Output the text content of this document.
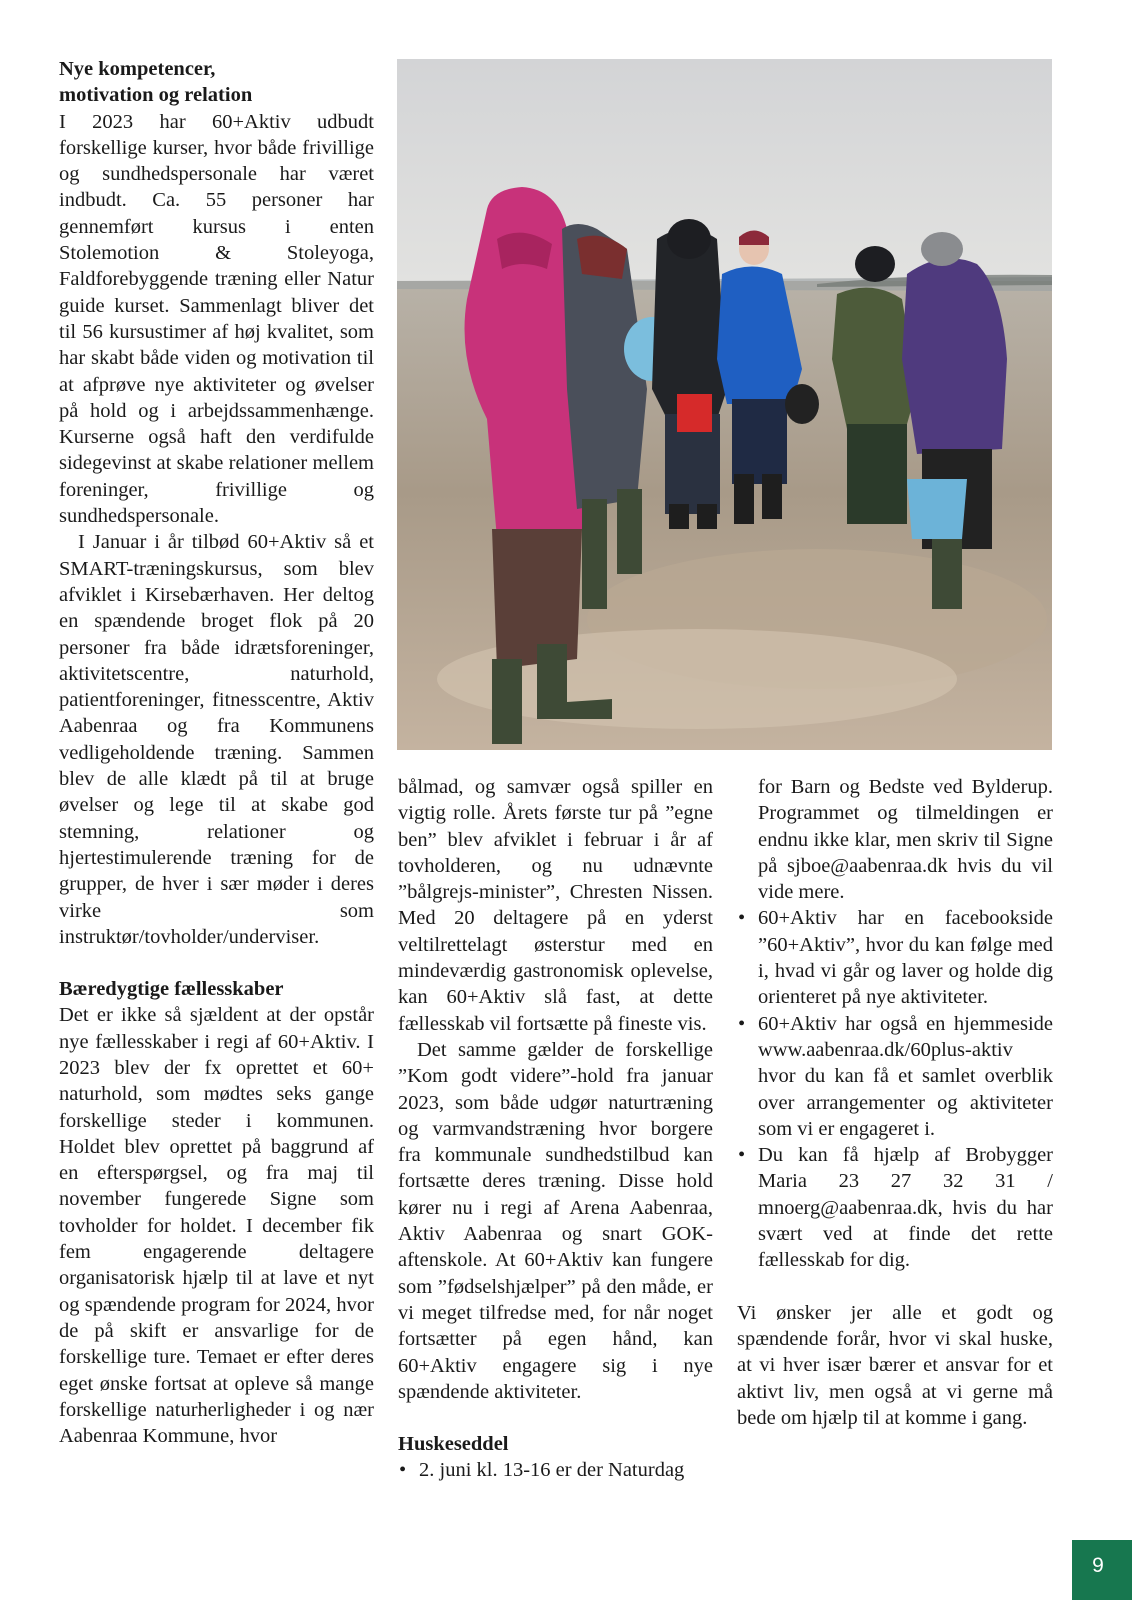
Nye kompetencer,
motivation og relation

I 2023 har 60+Aktiv udbudt forskellige kurser, hvor både frivillige og sundhedspersonale har været indbudt. Ca. 55 personer har gennemført kursus i enten Stolemotion & Stoleyoga, Faldforebyggende træning eller Natur guide kurset. Sammenlagt bliver det til 56 kursustimer af høj kvalitet, som har skabt både viden og motivation til at afprøve nye aktiviteter og øvelser på hold og i arbejdssammenhænge. Kurserne også haft den verdifulde sidegevinst at skabe relationer mellem foreninger, frivillige og sundhedspersonale.

I Januar i år tilbød 60+Aktiv så et SMART-træningskursus, som blev afviklet i Kirsebærhaven. Her deltog en spændende broget flok på 20 personer fra både idrætsforeninger, aktivitetscentre, naturhold, patientforeninger, fitnesscentre, Aktiv Aabenraa og fra Kommunens vedligeholdende træning. Sammen blev de alle klædt på til at bruge øvelser og lege til at skabe god stemning, relationer og hjertestimulerende træning for de grupper, de hver i sær møder i deres virke som instruktør/tovholder/underviser.

Bæredygtige fællesskaber

Det er ikke så sjældent at der opstår nye fællesskaber i regi af 60+Aktiv. I 2023 blev der fx oprettet et 60+ naturhold, som mødtes seks gange forskellige steder i kommunen. Holdet blev oprettet på baggrund af en efterspørgsel, og fra maj til november fungerede Signe som tovholder for holdet. I december fik fem engagerende deltagere organisatorisk hjælp til at lave et nyt og spændende program for 2024, hvor de på skift er ansvarlige for de forskellige ture. Temaet er efter deres eget ønske fortsat at opleve så mange forskellige naturherligheder i og nær Aabenraa Kommune, hvor

bålmad, og samvær også spiller en vigtig rolle. Årets første tur på ”egne ben” blev afviklet i februar i år af tovholderen, og nu udnævnte ”bålgrejs-minister”, Chresten Nissen. Med 20 deltagere på en yderst veltilrettelagt østerstur med en mindeværdig gastronomisk oplevelse, kan 60+Aktiv slå fast, at dette fællesskab vil fortsætte på fineste vis.

Det samme gælder de forskellige ”Kom godt videre”-hold fra januar 2023, som både udgør naturtræning og varmvandstræning hvor borgere fra kommunale sundhedstilbud kan fortsætte deres træning. Disse hold kører nu i regi af Arena Aabenraa, Aktiv Aabenraa og snart GOK-aftenskole. At 60+Aktiv kan fungere som ”fødselshjælper” på den måde, er vi meget tilfredse med, for når noget fortsætter på egen hånd, kan 60+Aktiv engagere sig i nye spændende aktiviteter.

Huskeseddel
• 2. juni kl. 13-16 er der Naturdag

for Barn og Bedste ved Bylderup. Programmet og tilmeldingen er endnu ikke klar, men skriv til Signe på sjboe@aabenraa.dk hvis du vil vide mere.

• 60+Aktiv har en facebookside ”60+Aktiv”, hvor du kan følge med i, hvad vi går og laver og holde dig orienteret på nye aktiviteter.
• 60+Aktiv har også en hjemmeside www.aabenraa.dk/60plus-aktiv hvor du kan få et samlet overblik over arrangementer og aktiviteter som vi er engageret i.
• Du kan få hjælp af Brobygger Maria 23 27 32 31 / mnoerg@aabenraa.dk, hvis du har svært ved at finde det rette fællesskab for dig.

Vi ønsker jer alle et godt og spændende forår, hvor vi skal huske, at vi hver især bærer et ansvar for et aktivt liv, men også at vi gerne må bede om hjælp til at komme i gang.

9
